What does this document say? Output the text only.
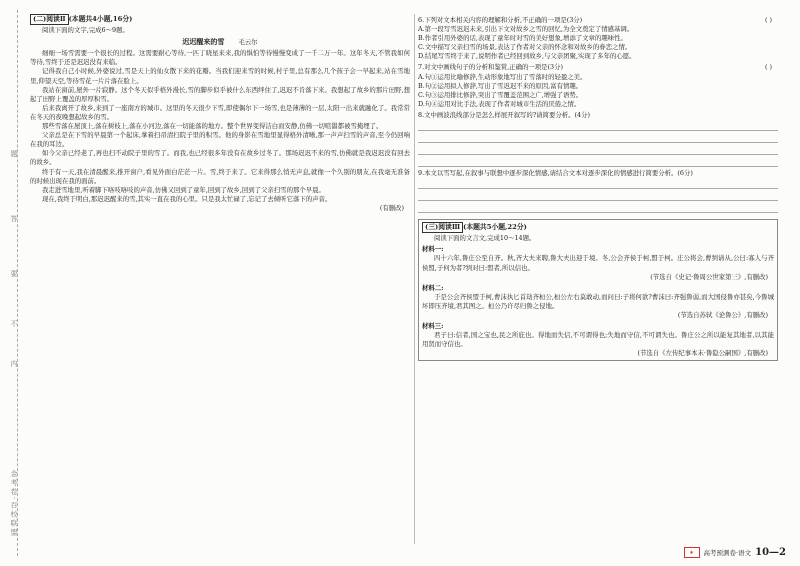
题
答
要
不
内
金考卷·百校联盟
(二)阅读Ⅱ (本题共4小题,16分)

阅读下面的文字,完成6～9题。

迟迟醒来的雪 毛云尔

细细一场雪需要一个很长的过程。这需要耐心等待,一匹丁晓星来来,我的惧怕等待慢慢变成了一千二万一年。这年冬天,不管我如何等待,雪终于还是迟迟没有来临。

记得我自己小时候,外婆说过,雪是天上的仙女散下来的花瓣。当我们迎来雪的时候,村子里,总有那么几个孩子会一早起来,站在雪地里,仰望天空,等待雪花一片片落在脸上。

我站在窗前,屋外一片寂静。这个冬天似乎格外漫长,雪的脚步似乎被什么东西绊住了,迟迟不肯落下来。我想起了故乡的那片田野,想起了田野上覆盖的厚厚积雪。

后来我离开了故乡,来到了一座南方的城市。这里的冬天很少下雪,即使偶尔下一场雪,也是薄薄的一层,太阳一出来就融化了。我常常在冬天的夜晚想起故乡的雪。

那些雪落在屋顶上,落在树枝上,落在小河边,落在一切能落的地方。整个世界变得洁白而安静,仿佛一切喧嚣都被雪掩埋了。

父亲总是在下雪的早晨第一个起床,拿着扫帚清扫院子里的积雪。他的身影在雪地里显得格外清晰,那一声声扫雪的声音,至今仍回响在我的耳边。

如今父亲已经老了,再也扫不动院子里的雪了。而我,也已经很多年没有在故乡过冬了。那场迟迟不来的雪,仿佛就是我迟迟没有回去的故乡。

终于有一天,我在清晨醒来,推开窗户,看见外面白茫茫一片。雪,终于来了。它来得那么悄无声息,就像一个久别的朋友,在我毫无准备的时候出现在我的面前。

我走进雪地里,听着脚下咯吱咯吱的声音,仿佛又回到了童年,回到了故乡,回到了父亲扫雪的那个早晨。

现在,我终于明白,那迟迟醒来的雪,其实一直在我的心里。只是我太忙碌了,忘记了去倾听它落下的声音。

(有删改)
6.下列对文本相关内容的理解和分析,不正确的一项是(3分)	( )
A.第一段写雪迟迟未来,引出下文对故乡之雪的回忆,为全文奠定了情感基调。
B.作者引用外婆的话,表现了童年时对雪的美好想象,增添了文章的趣味性。
C.文中描写父亲扫雪的场景,表达了作者对父亲的怀念和对故乡的眷恋之情。
D.结尾写雪终于来了,说明作者已经回到故乡,与父亲团聚,实现了多年的心愿。
7.对文中画线句子的分析和鉴赏,正确的一项是(3分)	( )
A.句①运用比喻修辞,生动形象地写出了雪落时的轻盈之美。
B.句②运用拟人修辞,写出了雪迟迟不来的原因,富有情趣。
C.句③运用排比修辞,突出了雪覆盖范围之广,增强了语势。
D.句④运用对比手法,表现了作者对城市生活的厌倦之情。
8.文中画波浪线部分是怎么样展开叙写的?请简要分析。(4分)
9.本文以雪写起,在叙事与联想中逐步深化情感,请结合文本对逐步深化的情感进行简要分析。(6分)
(三)阅读Ⅲ (本题共5小题,22分)

阅读下面的文言文,完成10～14题。

材料一:

四十六年,鲁庄公至自齐。秋,齐大夫来聘,鲁大夫出迎于境。冬,公会齐侯于柯,盟于柯。庄公将会,曹刿请从,公曰:寡人与齐侯盟,子何为者?刿对曰:盟者,所以信也。

(节选自《史记·鲁周公世家第三》,有删改)
材料二:

于是公会齐侯盟于柯,曹沫执匕首劫齐桓公,桓公左右莫敢动,而问曰:子将何欲?曹沫曰:齐强鲁弱,而大国侵鲁亦甚矣,今鲁城坏即压齐境,君其图之。桓公乃许尽归鲁之侵地。

(节选自苏轼《论鲁公》,有删改)
材料三:

君子曰:信者,国之宝也,民之所庇也。得地而失信,不可谓得也;失地而守信,不可谓失也。鲁庄公之所以能复其地者,以其能用贤而守信也。

(节选自《左传纪事本末·鲁隐公嗣国》,有删改)
★	高考预测卷·语文 10—2
